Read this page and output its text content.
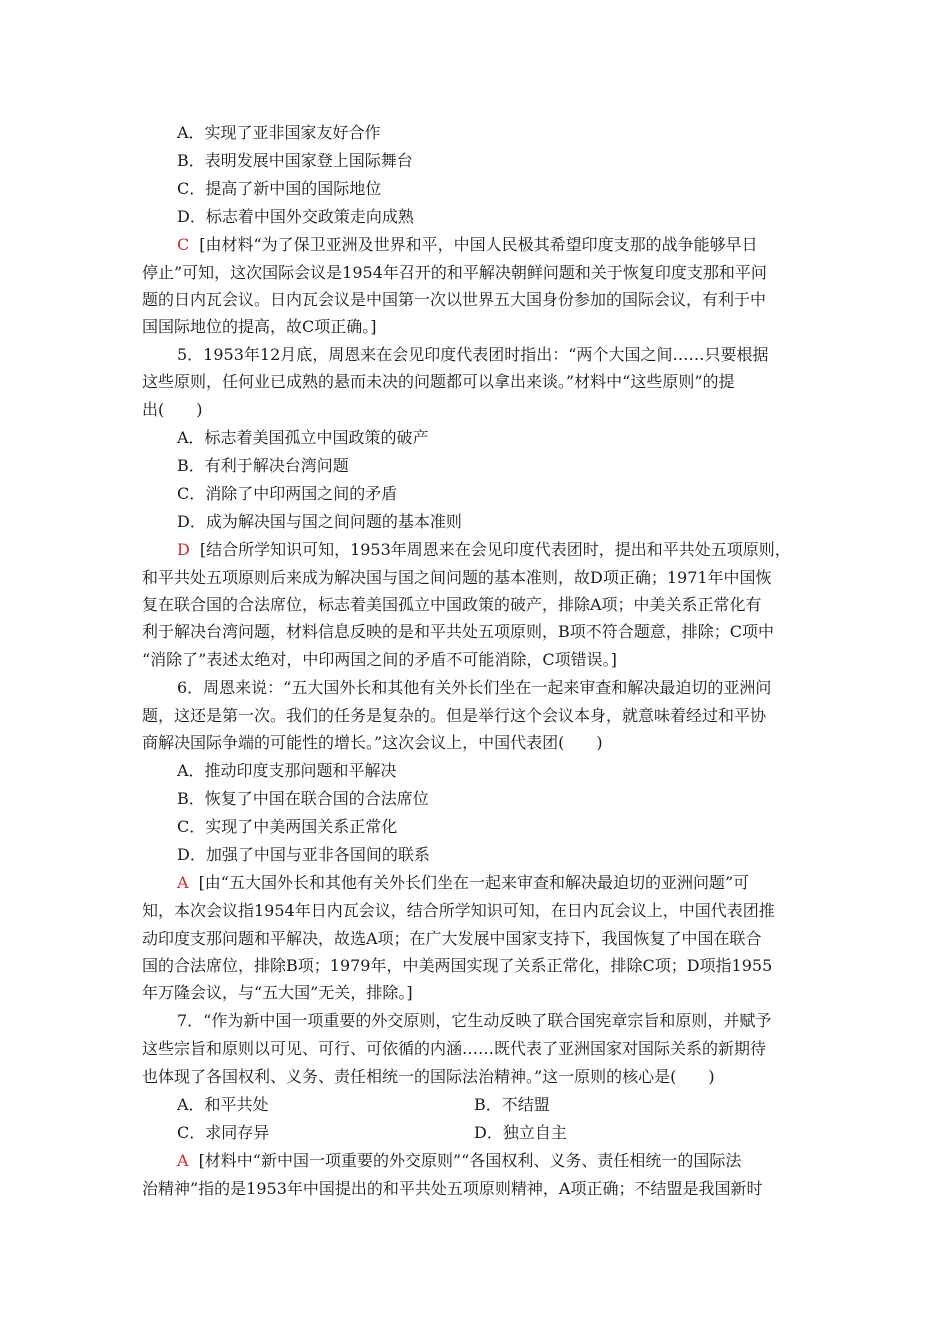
A．实现了亚非国家友好合作
B．表明发展中国家登上国际舞台
C．提高了新中国的国际地位
D．标志着中国外交政策走向成熟
C [由材料“为了保卫亚洲及世界和平，中国人民极其希望印度支那的战争能够早日
停止”可知，这次国际会议是1954年召开的和平解决朝鲜问题和关于恢复印度支那和平问
题的日内瓦会议。日内瓦会议是中国第一次以世界五大国身份参加的国际会议，有利于中
国国际地位的提高，故C项正确。]
5．1953年12月底，周恩来在会见印度代表团时指出：“两个大国之间……只要根据
这些原则，任何业已成熟的悬而未决的问题都可以拿出来谈。”材料中“这些原则”的提
出(　　)
A．标志着美国孤立中国政策的破产
B．有利于解决台湾问题
C．消除了中印两国之间的矛盾
D．成为解决国与国之间问题的基本准则
D [结合所学知识可知，1953年周恩来在会见印度代表团时，提出和平共处五项原则，
和平共处五项原则后来成为解决国与国之间问题的基本准则，故D项正确；1971年中国恢
复在联合国的合法席位，标志着美国孤立中国政策的破产，排除A项；中美关系正常化有
利于解决台湾问题，材料信息反映的是和平共处五项原则，B项不符合题意，排除；C项中
“消除了”表述太绝对，中印两国之间的矛盾不可能消除，C项错误。]
6．周恩来说：“五大国外长和其他有关外长们坐在一起来审查和解决最迫切的亚洲问
题，这还是第一次。我们的任务是复杂的。但是举行这个会议本身，就意味着经过和平协
商解决国际争端的可能性的增长。”这次会议上，中国代表团(　　)
A．推动印度支那问题和平解决
B．恢复了中国在联合国的合法席位
C．实现了中美两国关系正常化
D．加强了中国与亚非各国间的联系
A [由“五大国外长和其他有关外长们坐在一起来审查和解决最迫切的亚洲问题”可
知，本次会议指1954年日内瓦会议，结合所学知识可知，在日内瓦会议上，中国代表团推
动印度支那问题和平解决，故选A项；在广大发展中国家支持下，我国恢复了中国在联合
国的合法席位，排除B项；1979年，中美两国实现了关系正常化，排除C项；D项指1955
年万隆会议，与“五大国”无关，排除。]
7．“作为新中国一项重要的外交原则，它生动反映了联合国宪章宗旨和原则，并赋予
这些宗旨和原则以可见、可行、可依循的内涵……既代表了亚洲国家对国际关系的新期待
也体现了各国权利、义务、责任相统一的国际法治精神。”这一原则的核心是(　　)
A．和平共处	B．不结盟
C．求同存异	D．独立自主
A [材料中“新中国一项重要的外交原则”“各国权利、义务、责任相统一的国际法
治精神”指的是1953年中国提出的和平共处五项原则精神，A项正确；不结盟是我国新时
